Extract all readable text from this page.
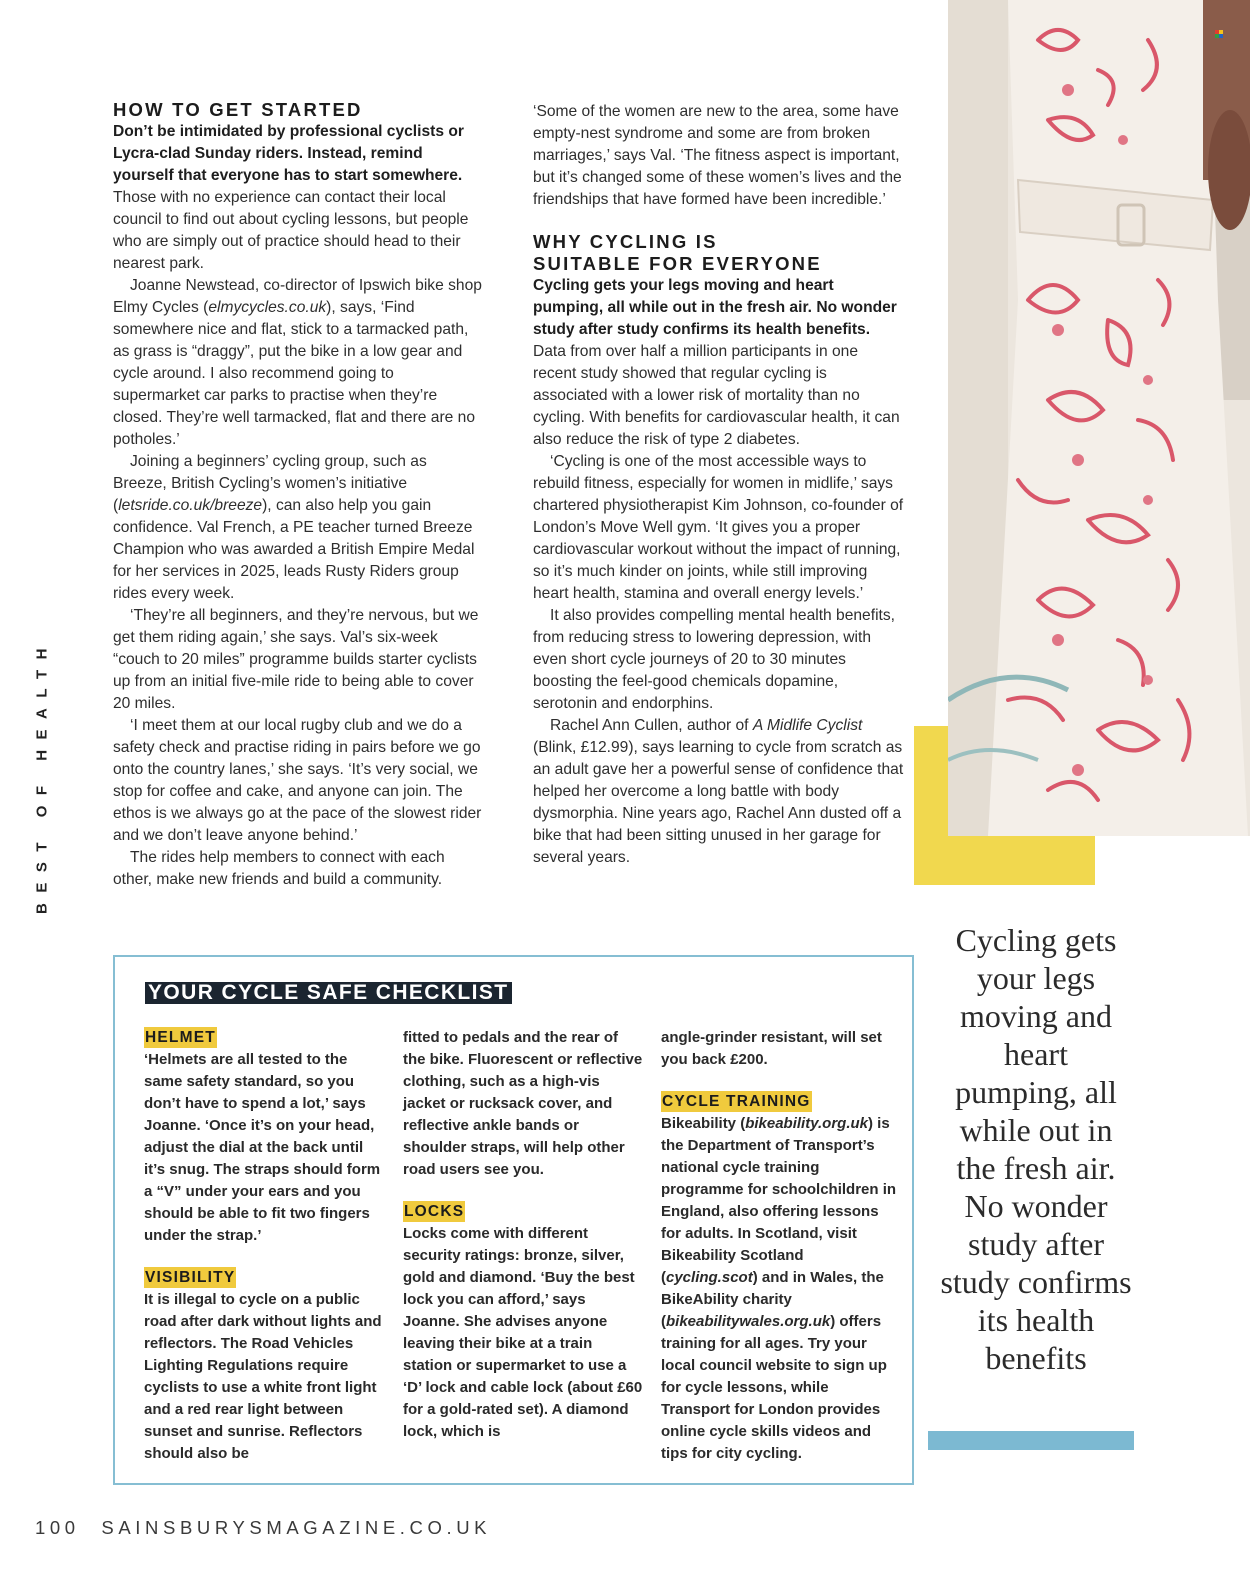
HOW TO GET STARTED

Don’t be intimidated by professional cyclists or Lycra-clad Sunday riders. Instead, remind yourself that everyone has to start somewhere.

Those with no experience can contact their local council to find out about cycling lessons, but people who are simply out of practice should head to their nearest park.

Joanne Newstead, co-director of Ipswich bike shop Elmy Cycles (elmycycles.co.uk), says, ‘Find somewhere nice and flat, stick to a tarmacked path, as grass is “draggy”, put the bike in a low gear and cycle around. I also recommend going to supermarket car parks to practise when they’re closed. They’re well tarmacked, flat and there are no potholes.’

Joining a beginners’ cycling group, such as Breeze, British Cycling’s women’s initiative (letsride.co.uk/breeze), can also help you gain confidence. Val French, a PE teacher turned Breeze Champion who was awarded a British Empire Medal for her services in 2025, leads Rusty Riders group rides every week.

‘They’re all beginners, and they’re nervous, but we get them riding again,’ she says. Val’s six-week “couch to 20 miles” programme builds starter cyclists up from an initial five-mile ride to being able to cover 20 miles.

‘I meet them at our local rugby club and we do a safety check and practise riding in pairs before we go onto the country lanes,’ she says. ‘It’s very social, we stop for coffee and cake, and anyone can join. The ethos is we always go at the pace of the slowest rider and we don’t leave anyone behind.’

The rides help members to connect with each other, make new friends and build a community.

‘Some of the women are new to the area, some have empty-nest syndrome and some are from broken marriages,’ says Val. ‘The fitness aspect is important, but it’s changed some of these women’s lives and the friendships that have formed have been incredible.’

WHY CYCLING IS
SUITABLE FOR EVERYONE

Cycling gets your legs moving and heart pumping, all while out in the fresh air. No wonder study after study confirms its health benefits.

Data from over half a million participants in one recent study showed that regular cycling is associated with a lower risk of mortality than no cycling. With benefits for cardiovascular health, it can also reduce the risk of type 2 diabetes.

‘Cycling is one of the most accessible ways to rebuild fitness, especially for women in midlife,’ says chartered physiotherapist Kim Johnson, co-founder of London’s Move Well gym. ‘It gives you a proper cardiovascular workout without the impact of running, so it’s much kinder on joints, while still improving heart health, stamina and overall energy levels.’

It also provides compelling mental health benefits, from reducing stress to lowering depression, with even short cycle journeys of 20 to 30 minutes boosting the feel-good chemicals dopamine, serotonin and endorphins.

Rachel Ann Cullen, author of A Midlife Cyclist (Blink, £12.99), says learning to cycle from scratch as an adult gave her a powerful sense of confidence that helped her overcome a long battle with body dysmorphia. Nine years ago, Rachel Ann dusted off a bike that had been sitting unused in her garage for several years.

Cycling gets your legs moving and heart pumping, all while out in the fresh air. No wonder study after study confirms its health benefits
BEST OF HEALTH
YOUR CYCLE SAFE CHECKLIST
HELMET

‘Helmets are all tested to the same safety standard, so you don’t have to spend a lot,’ says Joanne. ‘Once it’s on your head, adjust the dial at the back until it’s snug. The straps should form a “V” under your ears and you should be able to fit two fingers under the strap.’

VISIBILITY

It is illegal to cycle on a public road after dark without lights and reflectors. The Road Vehicles Lighting Regulations require cyclists to use a white front light and a red rear light between sunset and sunrise. Reflectors should also be

fitted to pedals and the rear of the bike. Fluorescent or reflective clothing, such as a high-vis jacket or rucksack cover, and reflective ankle bands or shoulder straps, will help other road users see you.

LOCKS

Locks come with different security ratings: bronze, silver, gold and diamond. ‘Buy the best lock you can afford,’ says Joanne. She advises anyone leaving their bike at a train station or supermarket to use a ‘D’ lock and cable lock (about £60 for a gold-rated set). A diamond lock, which is

angle-grinder resistant, will set you back £200.

CYCLE TRAINING

Bikeability (bikeability.org.uk) is the Department of Transport’s national cycle training programme for schoolchildren in England, also offering lessons for adults. In Scotland, visit Bikeability Scotland (cycling.scot) and in Wales, the BikeAbility charity (bikeabilitywales.org.uk) offers training for all ages. Try your local council website to sign up for cycle lessons, while Transport for London provides online cycle skills videos and tips for city cycling.

100 SAINSBURYSMAGAZINE.CO.UK
